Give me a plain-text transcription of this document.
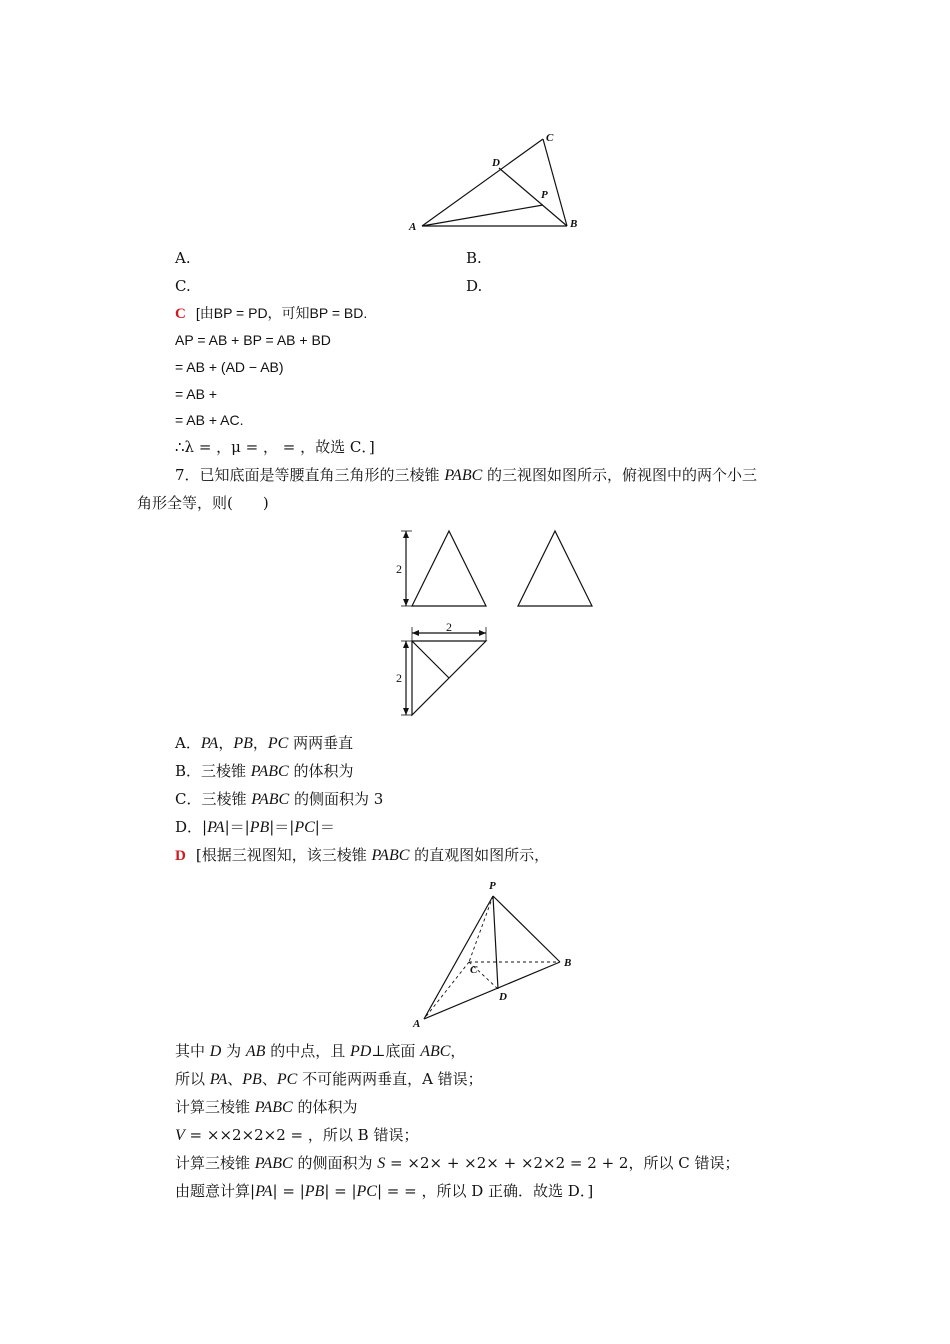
A	B
C
D
P
A.	B.
C.	D.
C [由BP = PD，可知BP = BD.
AP = AB + BP = AB + BD
= AB + (AD − AB)
= AB +
= AB + AC.
∴λ = ，μ = ， = ，故选 C．]
7．已知底面是等腰直角三角形的三棱锥 PABC 的三视图如图所示，俯视图中的两个小三
角形全等，则(　　)
2
2
2
A．PA，PB，PC 两两垂直
B．三棱锥 PABC 的体积为
C．三棱锥 PABC 的侧面积为 3
D．|PA|＝|PB|＝|PC|＝
D [根据三视图知，该三棱锥 PABC 的直观图如图所示，
P
A
B
C
D
其中 D 为 AB 的中点，且 PD⊥底面 ABC，
所以 PA、PB、PC 不可能两两垂直，A 错误；
计算三棱锥 PABC 的体积为
V = ××2×2×2 = ，所以 B 错误；
计算三棱锥 PABC 的侧面积为 S = ×2× + ×2× + ×2×2 = 2 + 2，所以 C 错误；
由题意计算|PA| = |PB| = |PC| = = ，所以 D 正确．故选 D．]
